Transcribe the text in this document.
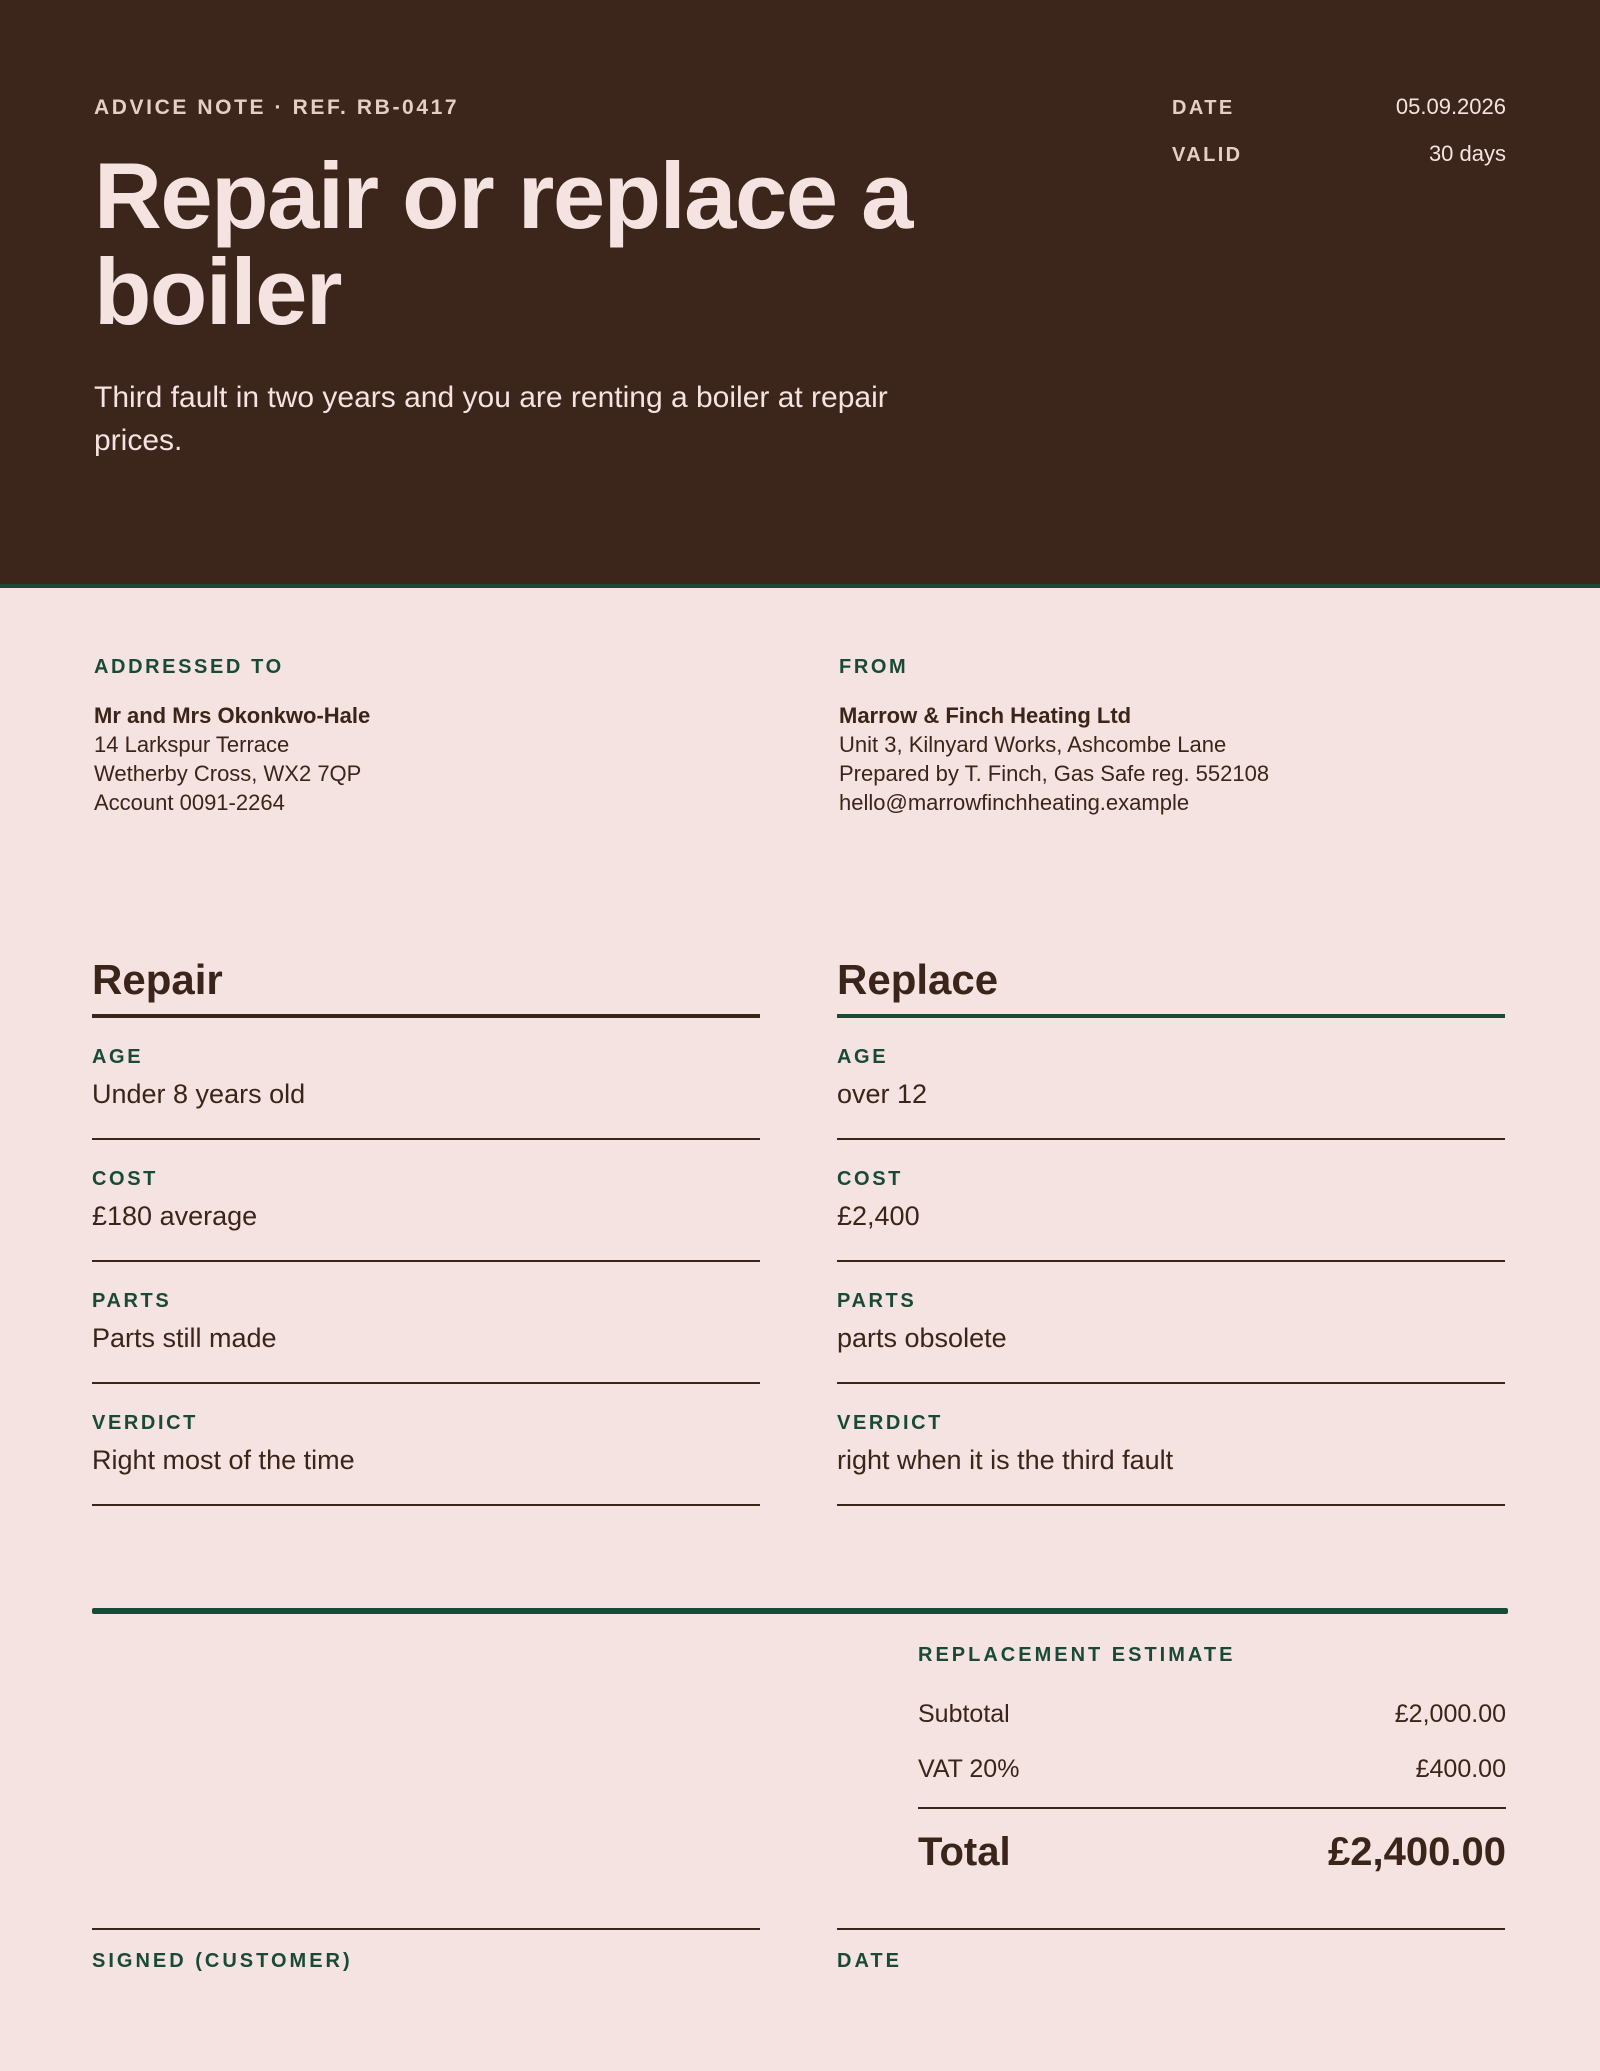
ADVICE NOTE · REF. RB-0417
Repair or replace a boiler

Third fault in two years and you are renting a boiler at repair prices.

DATE	05.09.2026
VALID	30 days
ADDRESSED TO
Mr and Mrs Okonkwo-Hale
14 Larkspur Terrace
Wetherby Cross, WX2 7QP
Account 0091-2264
FROM
Marrow & Finch Heating Ltd
Unit 3, Kilnyard Works, Ashcombe Lane
Prepared by T. Finch, Gas Safe reg. 552108
hello@marrowfinchheating.example
Repair
AGE
Under 8 years old
COST
£180 average
PARTS
Parts still made
VERDICT
Right most of the time
Replace
AGE
over 12
COST
£2,400
PARTS
parts obsolete
VERDICT
right when it is the third fault
REPLACEMENT ESTIMATE
Subtotal	£2,000.00
VAT 20%	£400.00
Total	£2,400.00
SIGNED (CUSTOMER)	DATE
